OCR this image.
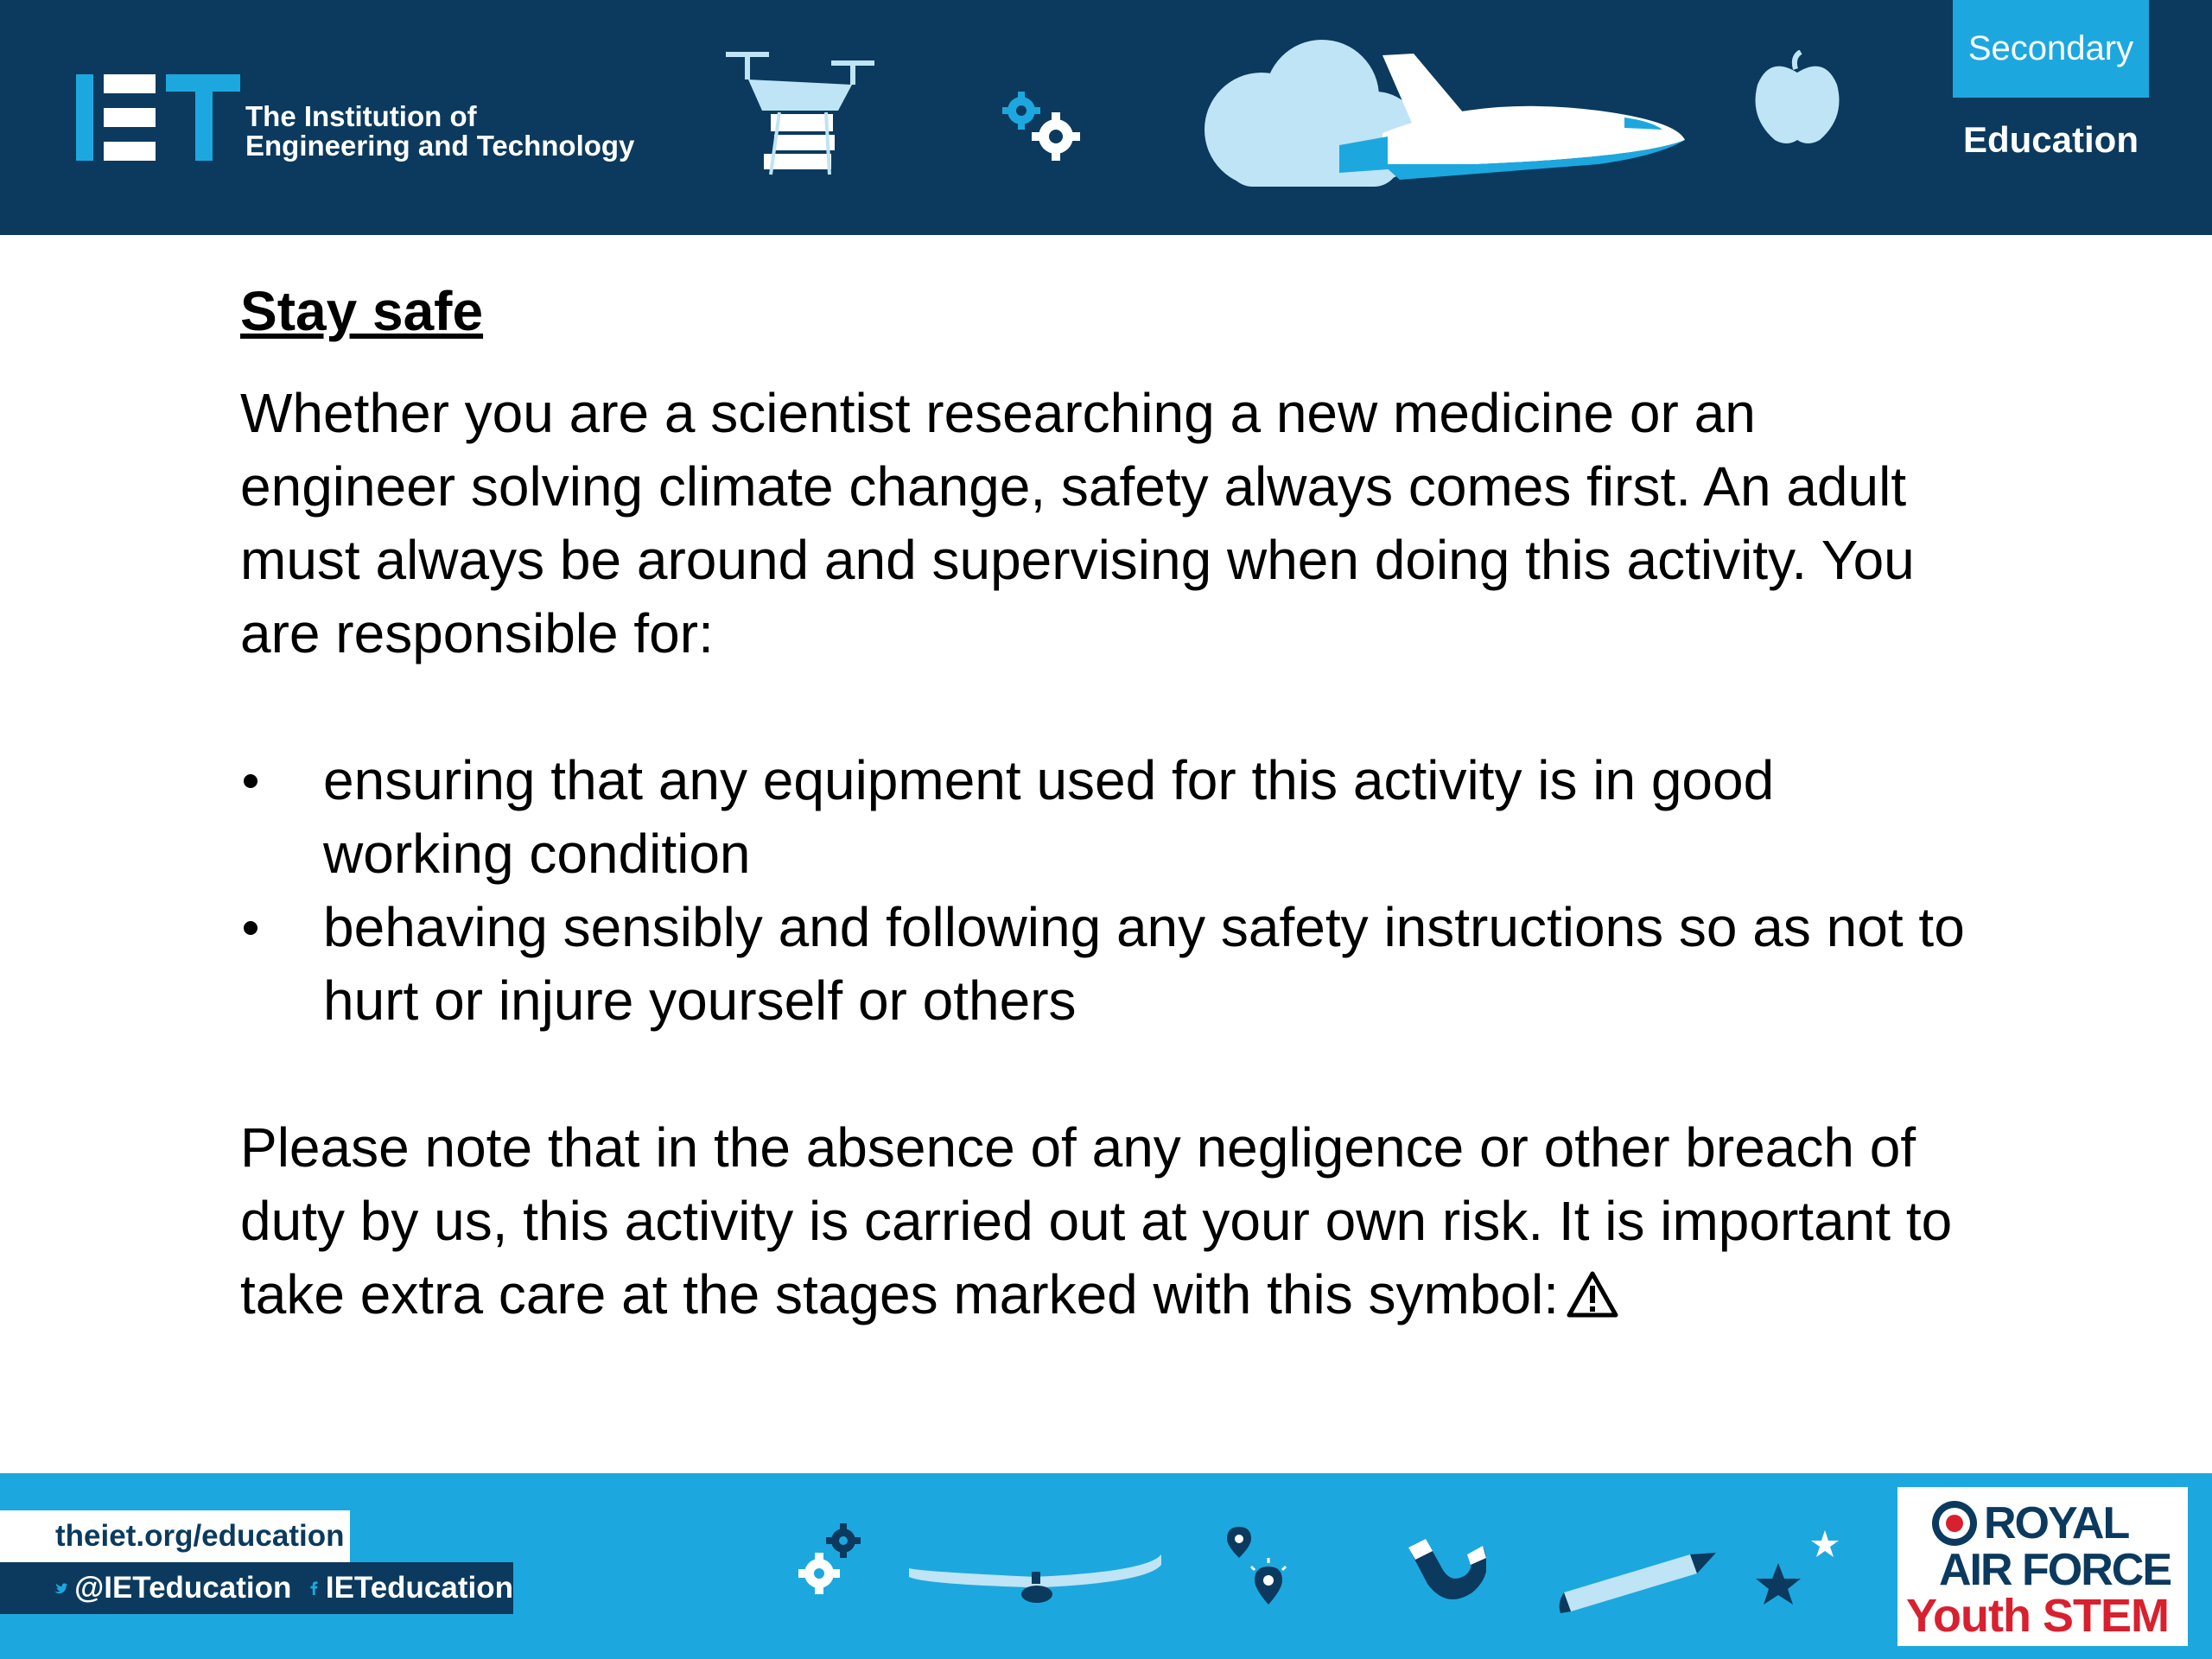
The Institution of
Engineering and Technology
Secondary
Education
Stay safe

Whether you are a scientist researching a new medicine or an engineer solving climate change, safety always comes first. An adult must always be around and supervising when doing this activity. You are responsible for:

ensuring that any equipment used for this activity is in good working condition
behaving sensibly and following any safety instructions so as not to hurt or injure yourself or others

Please note that in the absence of any negligence or other breach of duty by us, this activity is carried out at your own risk. It is important to take extra care at the stages marked with this symbol:

theiet.org/education
@IETeducation IETeducation
ROYAL
AIR FORCE
Youth STEM
